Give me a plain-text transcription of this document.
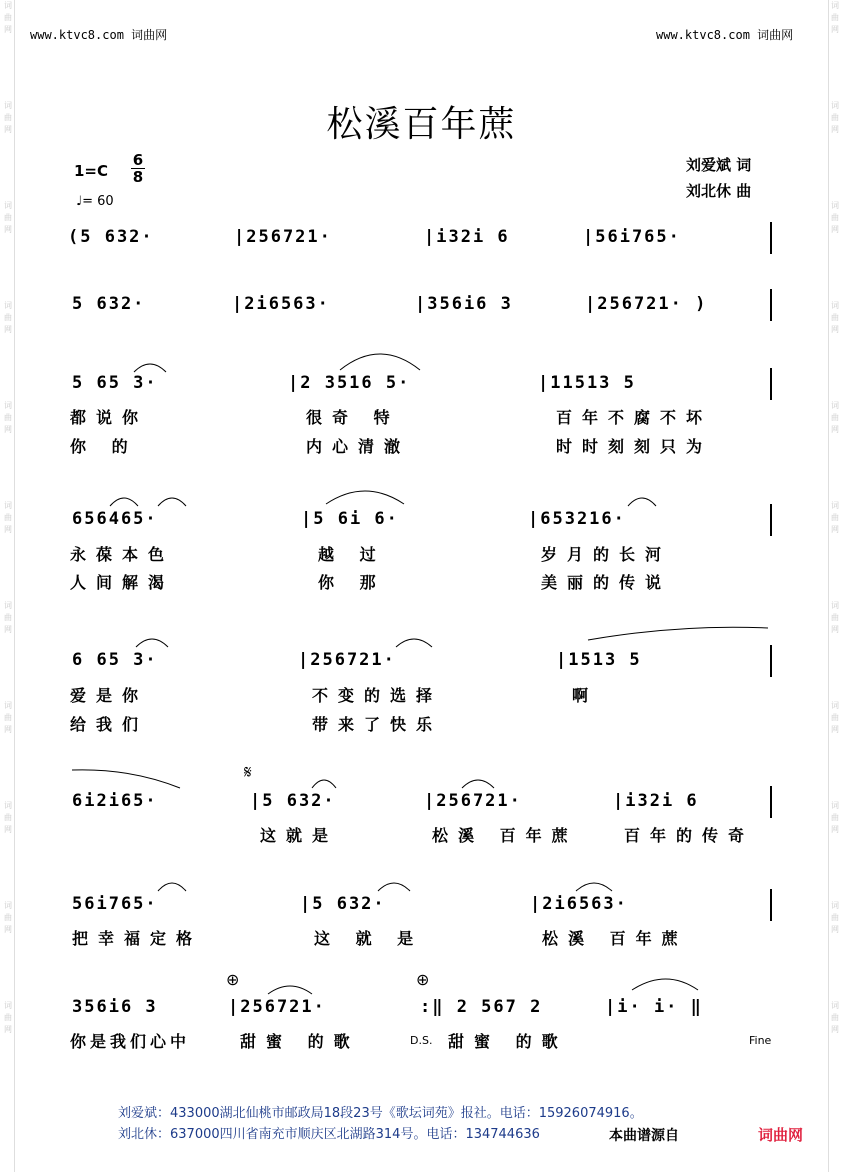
词
曲
网
词
曲
网
词
曲
网
词
曲
网
词
曲
网
词
曲
网
词
曲
网
词
曲
网
词
曲
网
词
曲
网
词
曲
网
词
曲
网
词
曲
网
词
曲
网
词
曲
网
词
曲
网
词
曲
网
词
曲
网
词
曲
网
词
曲
网
词
曲
网
词
曲
网
www.ktvc8.com 词曲网	www.ktvc8.com 词曲网
松溪百年蔗
1=C
6
8
♩= 60
刘爱斌 词
刘北休 曲
(5 632·	|256721·	|i32i 6	|56i765·
5 632·	|2i6563·	|356i6 3	|256721· )
5 65 3·	|2 3516 5·	|11513 5
都说你	很奇 特	百年不腐不坏
你 的	内心清澈	时时刻刻只为
656465·	|5 6i 6·	|653216·
永葆本色	越 过	岁月的长河
人间解渴	你 那	美丽的传说
6 65 3·	|256721·	|1513 5
爱是你	不变的选择	啊
给我们	带来了快乐
𝄋
6i2i65·	|5 632·	|256721·	|i32i 6
这就是	松溪 百年蔗	百年的传奇
56i765·	|5 632·	|2i6563·
把幸福定格	这 就 是	松溪 百年蔗
⊕	⊕
356i6 3	|256721·	:‖ 2 567 2	|i· i· ‖
你是我们心中	甜蜜 的歌	D.S. 甜蜜 的歌	Fine
刘爱斌：433000湖北仙桃市邮政局18段23号《歌坛词苑》报社。电话：15926074916。
刘北休：637000四川省南充市顺庆区北湖路314号。电话：134744636	本曲谱源自	词曲网
